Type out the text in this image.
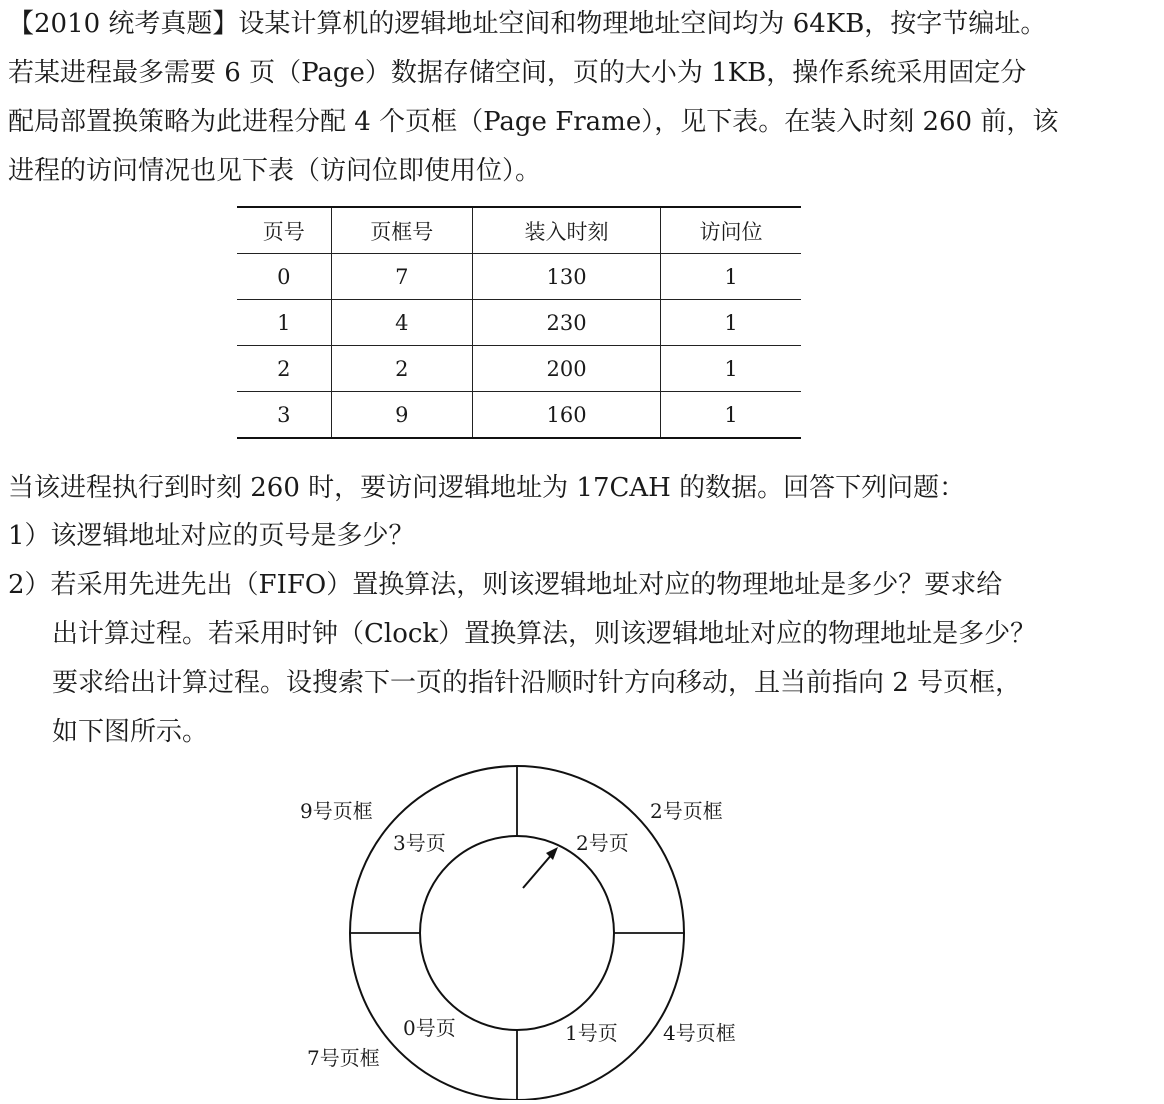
【2010 统考真题】设某计算机的逻辑地址空间和物理地址空间均为 64KB，按字节编址。
若某进程最多需要 6 页（Page）数据存储空间，页的大小为 1KB，操作系统采用固定分
配局部置换策略为此进程分配 4 个页框（Page Frame），见下表。在装入时刻 260 前，该
进程的访问情况也见下表（访问位即使用位）。
页号	页框号	装入时刻	访问位
0	7	130	1
1	4	230	1
2	2	200	1
3	9	160	1
当该进程执行到时刻 260 时，要访问逻辑地址为 17CAH 的数据。回答下列问题：
1）该逻辑地址对应的页号是多少？
2）若采用先进先出（FIFO）置换算法，则该逻辑地址对应的物理地址是多少？要求给
出计算过程。若采用时钟（Clock）置换算法，则该逻辑地址对应的物理地址是多少？
要求给出计算过程。设搜索下一页的指针沿顺时针方向移动，且当前指向 2 号页框，
如下图所示。
9号页框	2号页框
4号页框
7号页框
3号页	2号页
1号页
0号页
